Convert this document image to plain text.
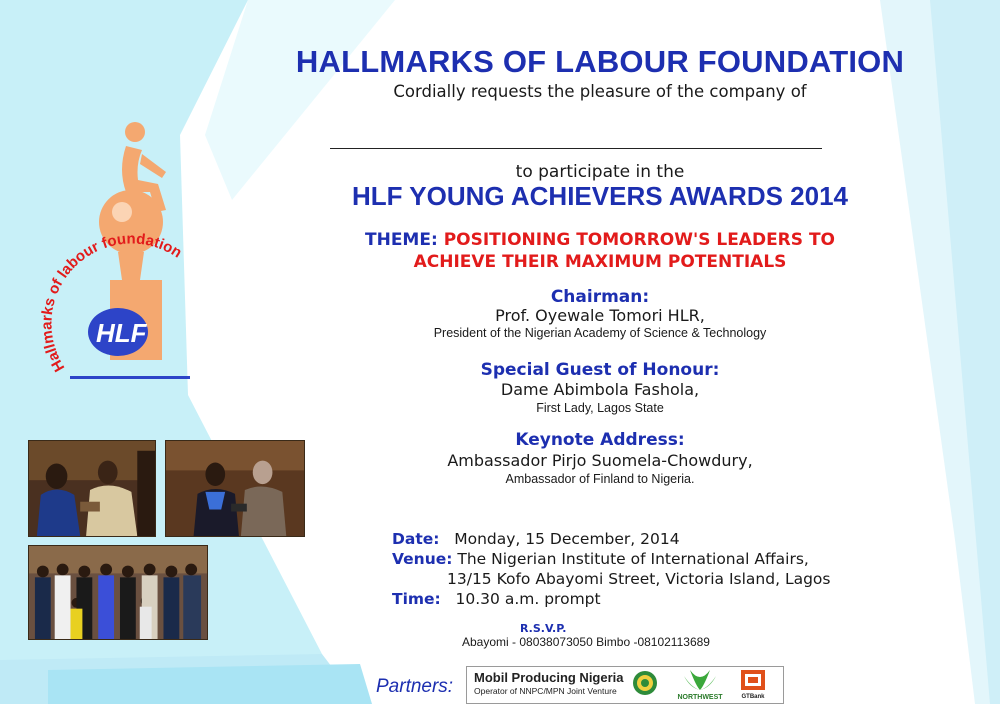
HLF
Hallmarks of labour foundation
HALLMARKS OF LABOUR FOUNDATION
Cordially requests the pleasure of the company of
to participate in the
HLF YOUNG ACHIEVERS AWARDS 2014
THEME: POSITIONING TOMORROW'S LEADERS TO
ACHIEVE THEIR MAXIMUM POTENTIALS
Chairman:
Prof. Oyewale Tomori HLR,
President of the Nigerian Academy of Science & Technology
Special Guest of Honour:
Dame Abimbola Fashola,
First Lady, Lagos State
Keynote Address:
Ambassador Pirjo Suomela-Chowdury,
Ambassador of Finland to Nigeria.
Date: Monday, 15 December, 2014
Venue: The Nigerian Institute of International Affairs,
13/15 Kofo Abayomi Street, Victoria Island, Lagos
Time: 10.30 a.m. prompt
R.S.V.P.
Abayomi - 08038073050 Bimbo -08102113689
Partners: Mobil Producing Nigeria
Operator of NNPC/MPN Joint Venture
NORTHWEST	GTBank
